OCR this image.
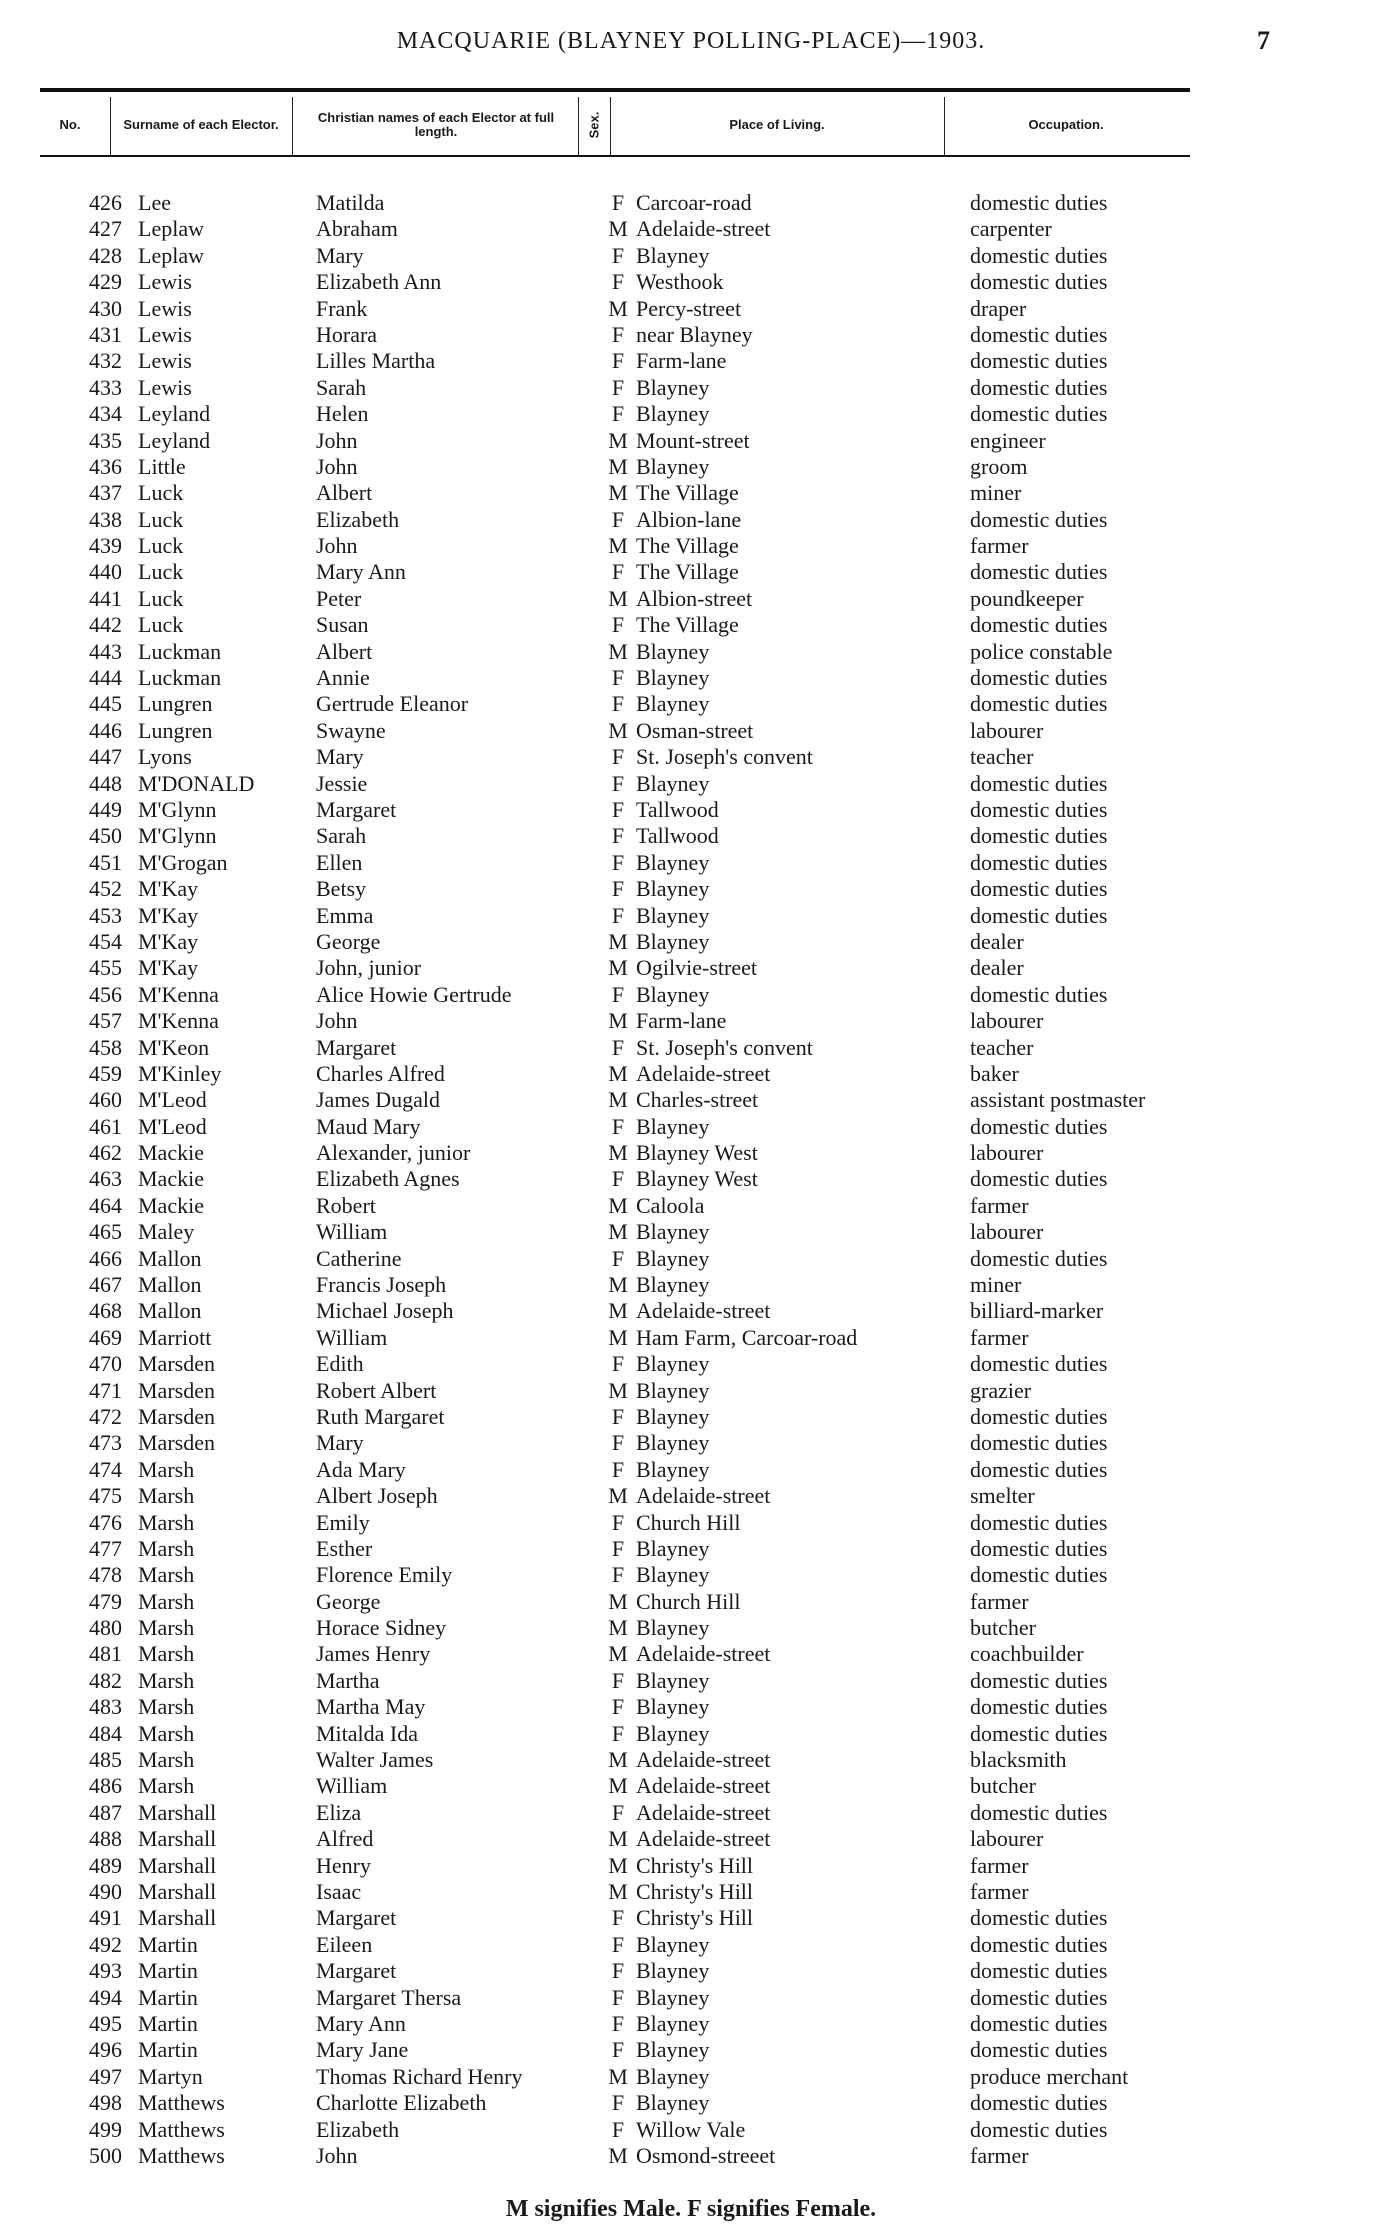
MACQUARIE (BLAYNEY POLLING-PLACE)—1903.	7
No.	Surname of each Elector.	Christian names of each Elector at full length.	Sex.	Place of Living.	Occupation.
426 Lee	Matilda	F Carcoar-road	domestic duties
427 Leplaw	Abraham	M Adelaide-street	carpenter
428 Leplaw	Mary	F Blayney	domestic duties
429 Lewis	Elizabeth Ann	F Westhook	domestic duties
430 Lewis	Frank	M Percy-street	draper
431 Lewis	Horara	F near Blayney	domestic duties
432 Lewis	Lilles Martha	F Farm-lane	domestic duties
433 Lewis	Sarah	F Blayney	domestic duties
434 Leyland	Helen	F Blayney	domestic duties
435 Leyland	John	M Mount-street	engineer
436 Little	John	M Blayney	groom
437 Luck	Albert	M The Village	miner
438 Luck	Elizabeth	F Albion-lane	domestic duties
439 Luck	John	M The Village	farmer
440 Luck	Mary Ann	F The Village	domestic duties
441 Luck	Peter	M Albion-street	poundkeeper
442 Luck	Susan	F The Village	domestic duties
443 Luckman	Albert	M Blayney	police constable
444 Luckman	Annie	F Blayney	domestic duties
445 Lungren	Gertrude Eleanor	F Blayney	domestic duties
446 Lungren	Swayne	M Osman-street	labourer
447 Lyons	Mary	F St. Joseph's convent	teacher
448 M'DONALD	Jessie	F Blayney	domestic duties
449 M'Glynn	Margaret	F Tallwood	domestic duties
450 M'Glynn	Sarah	F Tallwood	domestic duties
451 M'Grogan	Ellen	F Blayney	domestic duties
452 M'Kay	Betsy	F Blayney	domestic duties
453 M'Kay	Emma	F Blayney	domestic duties
454 M'Kay	George	M Blayney	dealer
455 M'Kay	John, junior	M Ogilvie-street	dealer
456 M'Kenna	Alice Howie Gertrude	F Blayney	domestic duties
457 M'Kenna	John	M Farm-lane	labourer
458 M'Keon	Margaret	F St. Joseph's convent	teacher
459 M'Kinley	Charles Alfred	M Adelaide-street	baker
460 M'Leod	James Dugald	M Charles-street	assistant postmaster
461 M'Leod	Maud Mary	F Blayney	domestic duties
462 Mackie	Alexander, junior	M Blayney West	labourer
463 Mackie	Elizabeth Agnes	F Blayney West	domestic duties
464 Mackie	Robert	M Caloola	farmer
465 Maley	William	M Blayney	labourer
466 Mallon	Catherine	F Blayney	domestic duties
467 Mallon	Francis Joseph	M Blayney	miner
468 Mallon	Michael Joseph	M Adelaide-street	billiard-marker
469 Marriott	William	M Ham Farm, Carcoar-road	farmer
470 Marsden	Edith	F Blayney	domestic duties
471 Marsden	Robert Albert	M Blayney	grazier
472 Marsden	Ruth Margaret	F Blayney	domestic duties
473 Marsden	Mary	F Blayney	domestic duties
474 Marsh	Ada Mary	F Blayney	domestic duties
475 Marsh	Albert Joseph	M Adelaide-street	smelter
476 Marsh	Emily	F Church Hill	domestic duties
477 Marsh	Esther	F Blayney	domestic duties
478 Marsh	Florence Emily	F Blayney	domestic duties
479 Marsh	George	M Church Hill	farmer
480 Marsh	Horace Sidney	M Blayney	butcher
481 Marsh	James Henry	M Adelaide-street	coachbuilder
482 Marsh	Martha	F Blayney	domestic duties
483 Marsh	Martha May	F Blayney	domestic duties
484 Marsh	Mitalda Ida	F Blayney	domestic duties
485 Marsh	Walter James	M Adelaide-street	blacksmith
486 Marsh	William	M Adelaide-street	butcher
487 Marshall	Eliza	F Adelaide-street	domestic duties
488 Marshall	Alfred	M Adelaide-street	labourer
489 Marshall	Henry	M Christy's Hill	farmer
490 Marshall	Isaac	M Christy's Hill	farmer
491 Marshall	Margaret	F Christy's Hill	domestic duties
492 Martin	Eileen	F Blayney	domestic duties
493 Martin	Margaret	F Blayney	domestic duties
494 Martin	Margaret Thersa	F Blayney	domestic duties
495 Martin	Mary Ann	F Blayney	domestic duties
496 Martin	Mary Jane	F Blayney	domestic duties
497 Martyn	Thomas Richard Henry	M Blayney	produce merchant
498 Matthews	Charlotte Elizabeth	F Blayney	domestic duties
499 Matthews	Elizabeth	F Willow Vale	domestic duties
500 Matthews	John	M Osmond-streeet	farmer
M signifies Male. F signifies Female.
